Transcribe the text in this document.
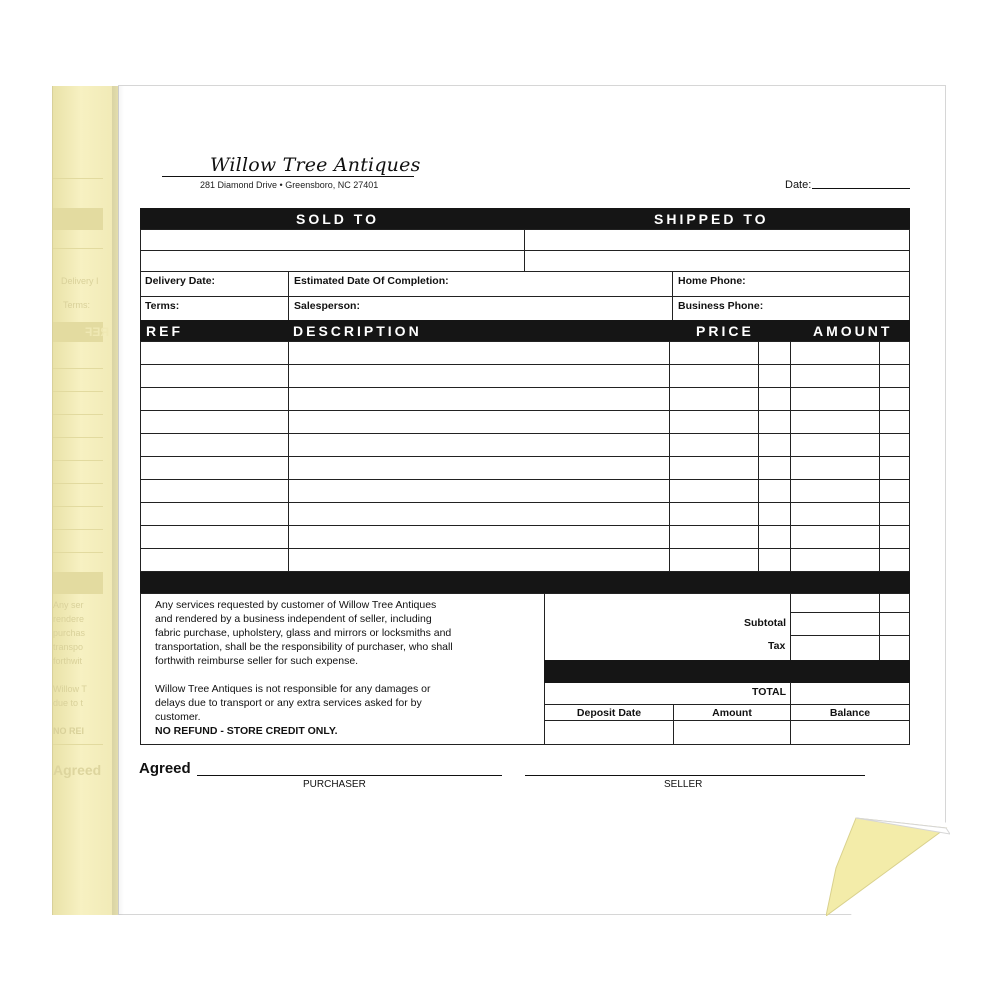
Delivery I
Terms:
REF
Any ser
rendere
purchas
transpo
forthwit
Willow T
due to t
NO REI
Agreed
Willow Tree Antiques
281 Diamond Drive • Greensboro, NC 27401	Date:
SOLD TO	SHIPPED TO
Delivery Date:	Estimated Date Of Completion:	Home Phone:
Terms:	Salesperson:	Business Phone:
REF	DESCRIPTION	PRICE	AMOUNT

Any services requested by customer of Willow Tree Antiques and rendered by a business independent of seller, including fabric purchase, upholstery, glass and mirrors or locksmiths and transportation, shall be the responsibility of purchaser, who shall forthwith reimburse seller for such expense.

Willow Tree Antiques is not responsible for any damages or delays due to transport or any extra services asked for by customer.

NO REFUND - STORE CREDIT ONLY.
Subtotal
Tax
TOTAL
Deposit Date	Amount	Balance
Agreed
PURCHASER	SELLER
